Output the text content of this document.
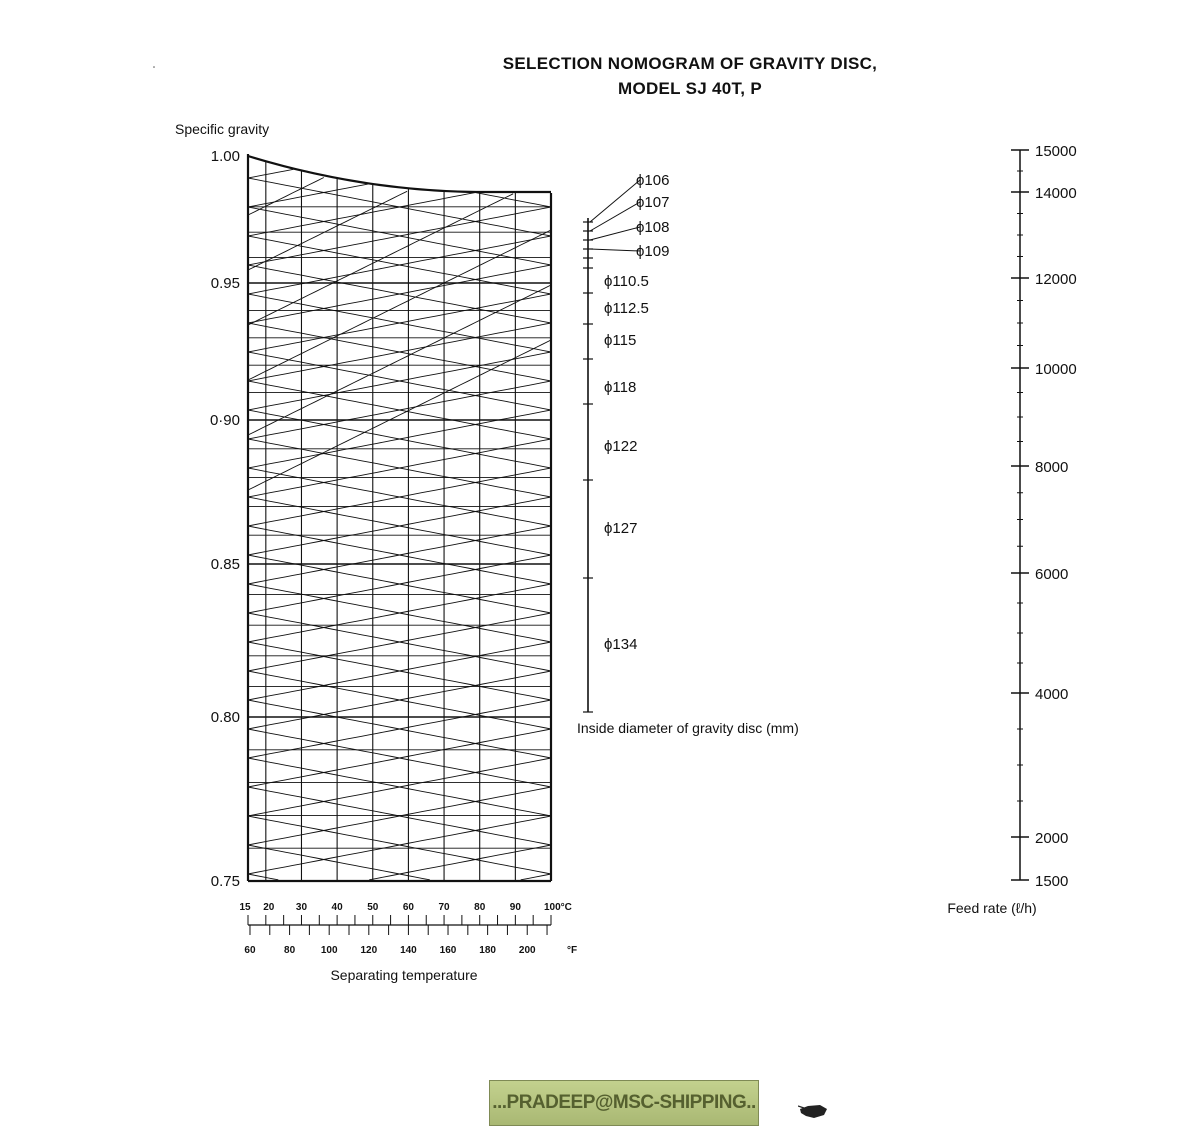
SELECTION NOMOGRAM OF GRAVITY DISC,
MODEL SJ 40T, P
Specific gravity
1.00
0.95
0·90
0.85
0.80
0.75
15 20 30 40 50 60 70 80 90 100°C
60	80	100 120 140 160 180 200	°F
Separating temperature
ϕ106
ϕ107
ϕ108
ϕ109
ϕ110.5
ϕ112.5
ϕ115
ϕ118
ϕ122
ϕ127
ϕ134
Inside diameter of gravity disc (mm)
15000
14000
12000
10000
8000
6000
4000
2000
1500
Feed rate (ℓ/h)
...PRADEEP@MSC-SHIPPING..
